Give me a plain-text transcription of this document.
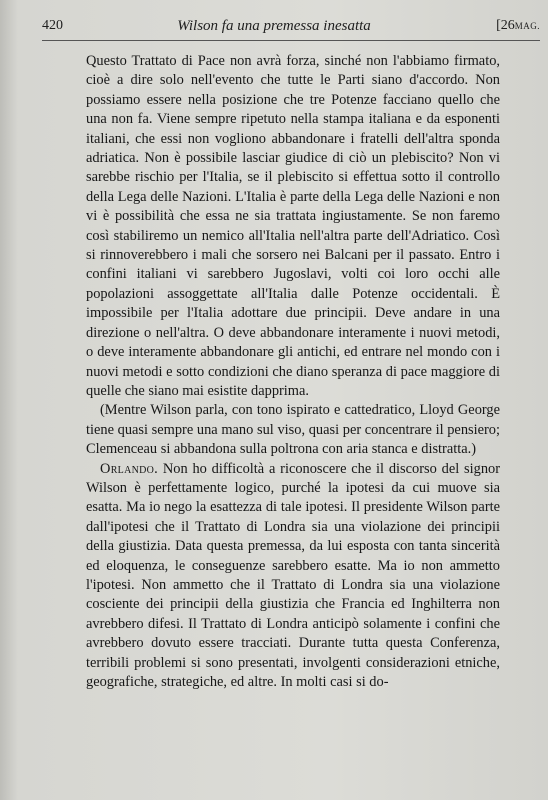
420	Wilson fa una premessa inesatta	[26MAG.

Questo Trattato di Pace non avrà forza, sinché non l'abbiamo firmato, cioè a dire solo nell'evento che tutte le Parti siano d'accordo. Non possiamo essere nella posizione che tre Potenze facciano quello che una non fa. Viene sempre ripetuto nella stampa italiana e da esponenti italiani, che essi non vogliono abbandonare i fratelli dell'altra sponda adriatica. Non è possibile lasciar giudice di ciò un plebiscito? Non vi sarebbe rischio per l'Italia, se il plebiscito si effettua sotto il controllo della Lega delle Nazioni. L'Italia è parte della Lega delle Nazioni e non vi è possibilità che essa ne sia trattata ingiustamente. Se non faremo così stabiliremo un nemico all'Italia nell'altra parte dell'Adriatico. Così si rinnoverebbero i mali che sorsero nei Balcani per il passato. Entro i confini italiani vi sarebbero Jugoslavi, volti coi loro occhi alle popolazioni assoggettate all'Italia dalle Potenze occidentali. È impossibile per l'Italia adottare due principii. Deve andare in una direzione o nell'altra. O deve abbandonare interamente i nuovi metodi, o deve interamente abbandonare gli antichi, ed entrare nel mondo con i nuovi metodi e sotto condizioni che diano speranza di pace maggiore di quelle che siano mai esistite dapprima.

(Mentre Wilson parla, con tono ispirato e cattedratico, Lloyd George tiene quasi sempre una mano sul viso, quasi per concentrare il pensiero; Clemenceau si abbandona sulla poltrona con aria stanca e distratta.)

Orlando. Non ho difficoltà a riconoscere che il discorso del signor Wilson è perfettamente logico, purché la ipotesi da cui muove sia esatta. Ma io nego la esattezza di tale ipotesi. Il presidente Wilson parte dall'ipotesi che il Trattato di Londra sia una violazione dei principii della giustizia. Data questa premessa, da lui esposta con tanta sincerità ed eloquenza, le conseguenze sarebbero esatte. Ma io non ammetto l'ipotesi. Non ammetto che il Trattato di Londra sia una violazione cosciente dei principii della giustizia che Francia ed Inghilterra non avrebbero difesi. Il Trattato di Londra anticipò solamente i confini che avrebbero dovuto essere tracciati. Durante tutta questa Conferenza, terribili problemi si sono presentati, involgenti considerazioni etniche, geografiche, strategiche, ed altre. In molti casi si do-
